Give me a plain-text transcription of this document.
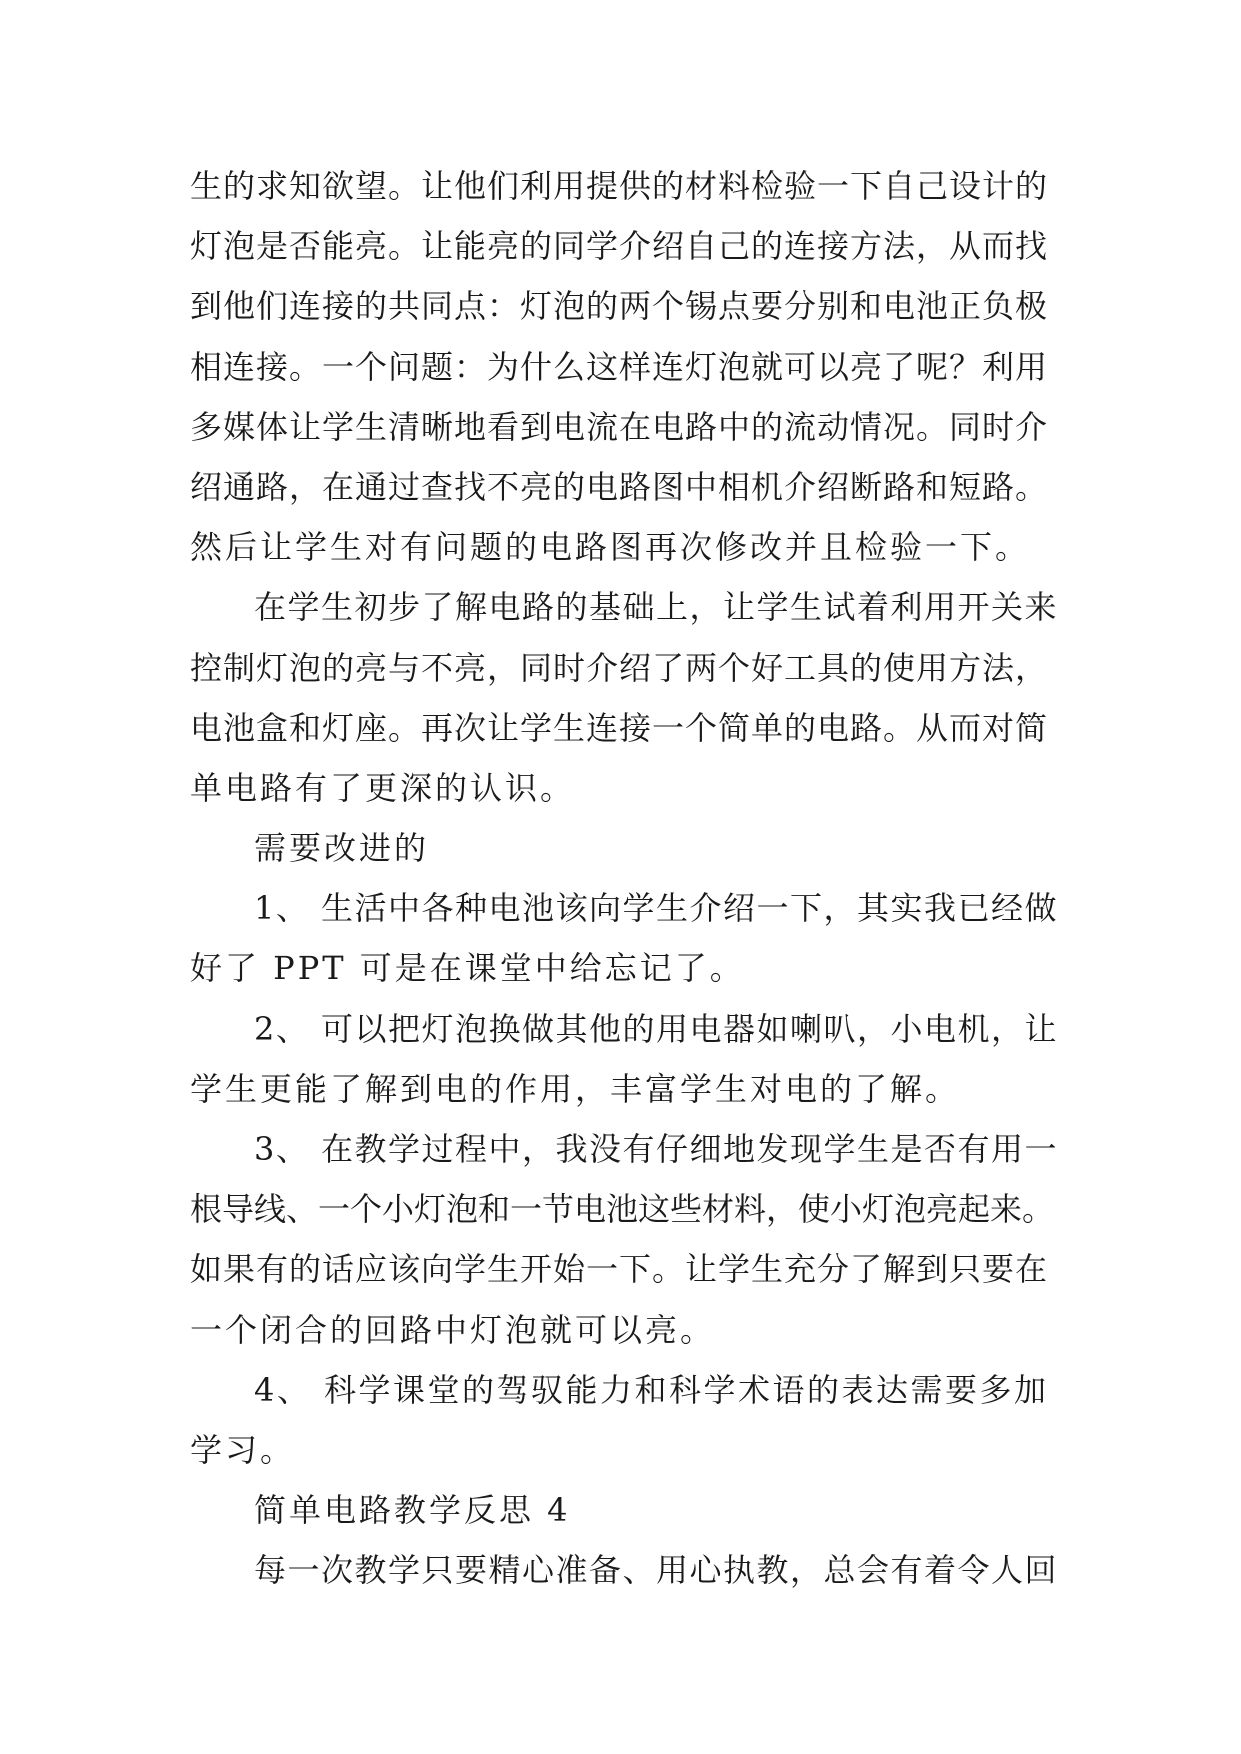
生的求知欲望。让他们利用提供的材料检验一下自己设计的
灯泡是否能亮。让能亮的同学介绍自己的连接方法，从而找
到他们连接的共同点：灯泡的两个锡点要分别和电池正负极
相连接。一个问题：为什么这样连灯泡就可以亮了呢？利用
多媒体让学生清晰地看到电流在电路中的流动情况。同时介
绍通路，在通过查找不亮的电路图中相机介绍断路和短路。
然后让学生对有问题的电路图再次修改并且检验一下。
在学生初步了解电路的基础上，让学生试着利用开关来
控制灯泡的亮与不亮，同时介绍了两个好工具的使用方法，
电池盒和灯座。再次让学生连接一个简单的电路。从而对简
单电路有了更深的认识。
需要改进的
1、 生活中各种电池该向学生介绍一下，其实我已经做
好了 PPT 可是在课堂中给忘记了。
2、 可以把灯泡换做其他的用电器如喇叭，小电机，让
学生更能了解到电的作用，丰富学生对电的了解。
3、 在教学过程中，我没有仔细地发现学生是否有用一
根导线、一个小灯泡和一节电池这些材料，使小灯泡亮起来。
如果有的话应该向学生开始一下。让学生充分了解到只要在
一个闭合的回路中灯泡就可以亮。
4、 科学课堂的驾驭能力和科学术语的表达需要多加
学习。
简单电路教学反思 4
每一次教学只要精心准备、用心执教，总会有着令人回
